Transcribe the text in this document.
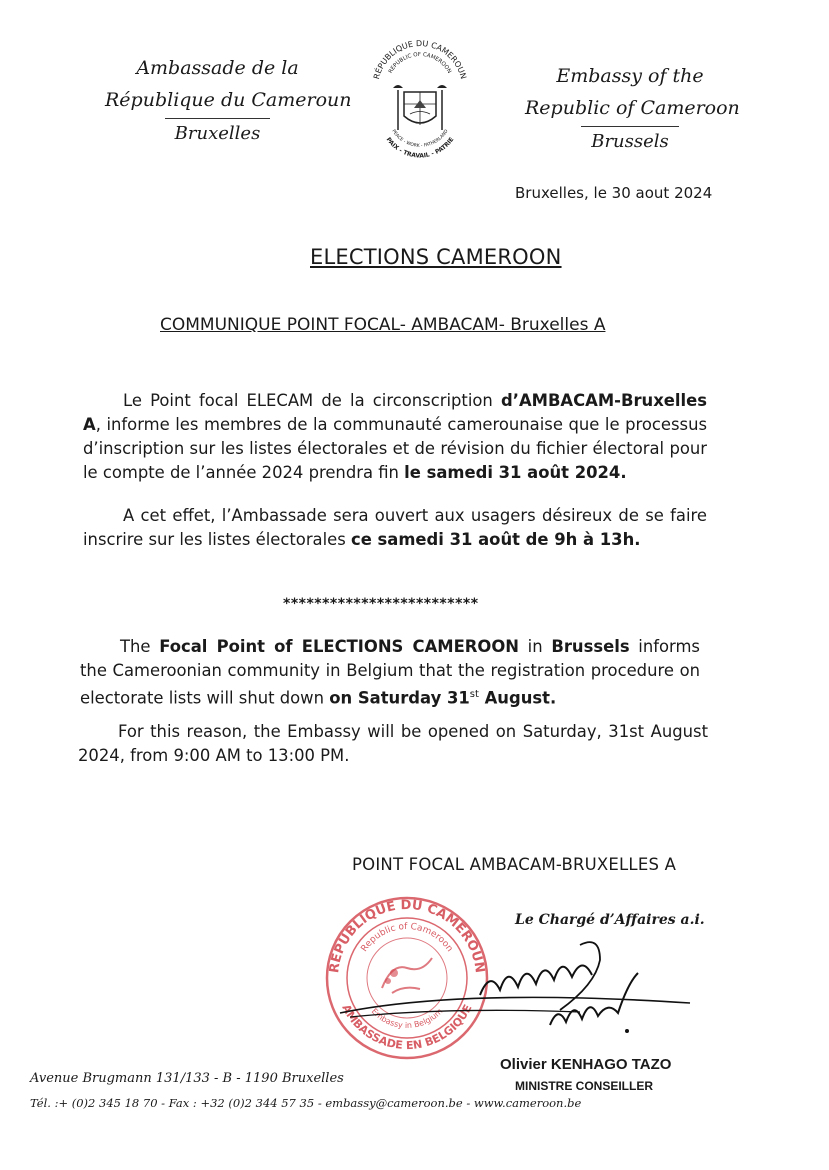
Ambassade de la
République du Cameroun
Bruxelles
RÉPUBLIQUE DU CAMEROUN
REPUBLIC OF CAMEROON
PAIX - TRAVAIL - PATRIE
PEACE - WORK - FATHERLAND
Embassy of the
Republic of Cameroon
Brussels
Bruxelles, le 30 aout 2024
ELECTIONS CAMEROON
COMMUNIQUE POINT FOCAL- AMBACAM- Bruxelles A
Le Point focal ELECAM de la circonscription d’AMBACAM-Bruxelles A, informe les membres de la communauté camerounaise que le processus d’inscription sur les listes électorales et de révision du fichier électoral pour le compte de l’année 2024 prendra fin le samedi 31 août 2024.
A cet effet, l’Ambassade sera ouvert aux usagers désireux de se faire inscrire sur les listes électorales ce samedi 31 août de 9h à 13h.
*************************
The Focal Point of ELECTIONS CAMEROON in Brussels informs the Cameroonian community in Belgium that the registration procedure on electorate lists will shut down on Saturday 31st August.
For this reason, the Embassy will be opened on Saturday, 31st August 2024, from 9:00 AM to 13:00 PM.
POINT FOCAL AMBACAM-BRUXELLES A
REPUBLIQUE DU CAMEROUN
Republic of Cameroon
AMBASSADE EN BELGIQUE
Embassy in Belgium
Le Chargé d’Affaires a.i.
Olivier KENHAGO TAZO
MINISTRE CONSEILLER
Avenue Brugmann 131/133 - B - 1190 Bruxelles
Tél. :+ (0)2 345 18 70 - Fax : +32 (0)2 344 57 35 - embassy@cameroon.be - www.cameroon.be
